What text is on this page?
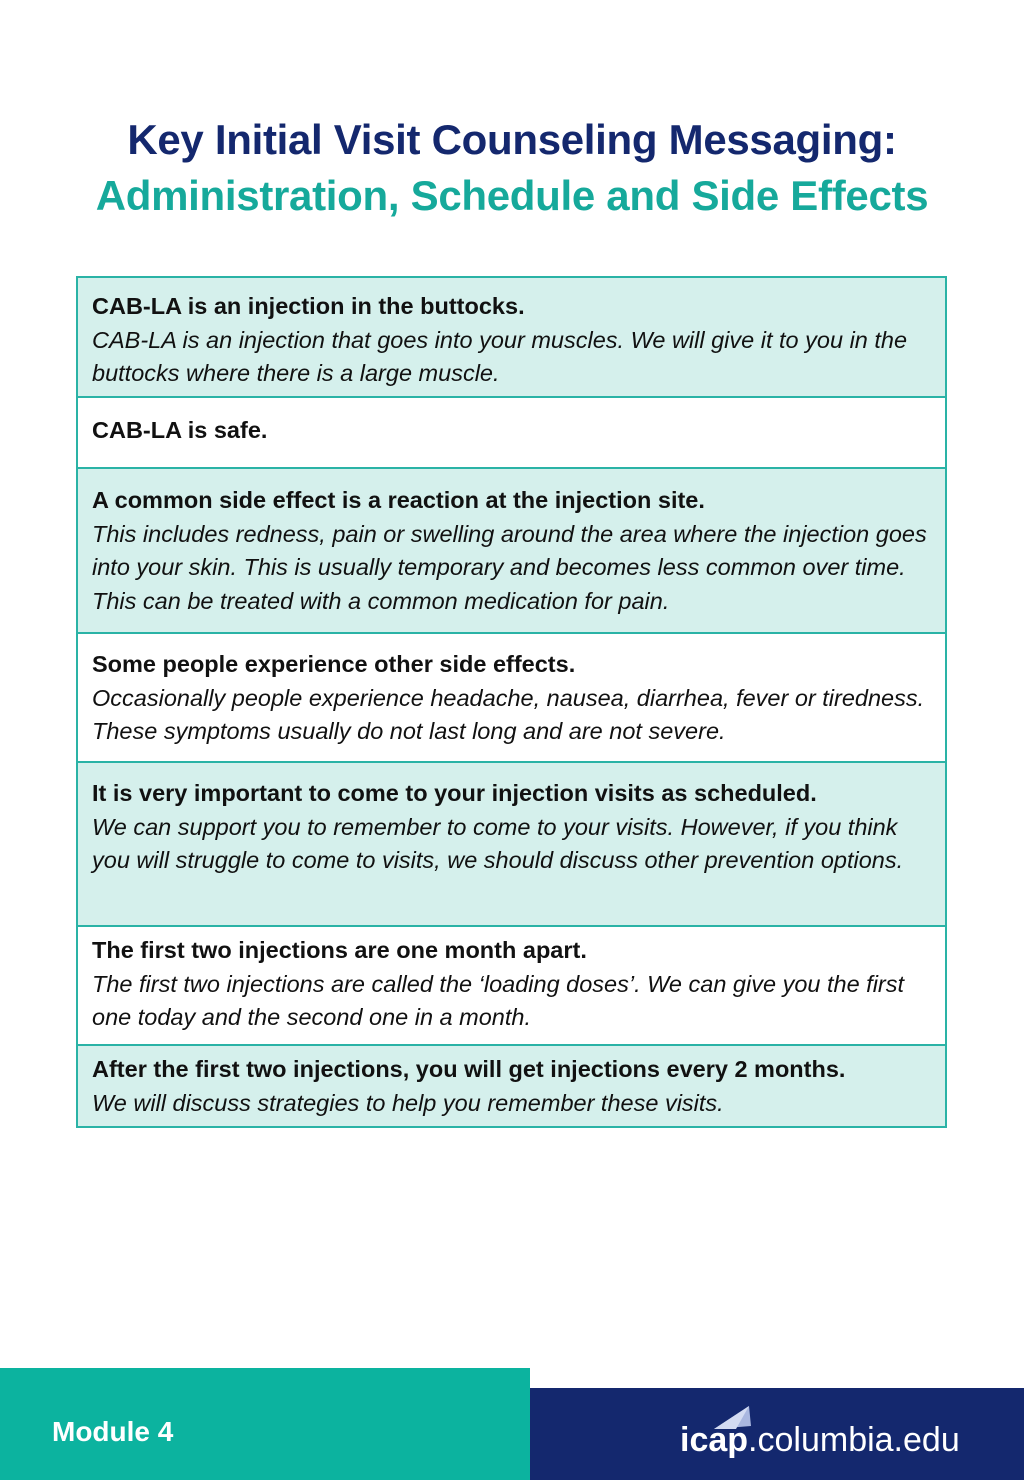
Key Initial Visit Counseling Messaging:
Administration, Schedule and Side Effects
CAB-LA is an injection in the buttocks.
CAB-LA is an injection that goes into your muscles. We will give it to you in the buttocks where there is a large muscle.
CAB-LA is safe.
A common side effect is a reaction at the injection site.
This includes redness, pain or swelling around the area where the injection goes into your skin. This is usually temporary and becomes less common over time. This can be treated with a common medication for pain.
Some people experience other side effects.
Occasionally people experience headache, nausea, diarrhea, fever or tiredness. These symptoms usually do not last long and are not severe.
It is very important to come to your injection visits as scheduled.
We can support you to remember to come to your visits. However, if you think you will struggle to come to visits, we should discuss other prevention options.
The first two injections are one month apart.
The first two injections are called the ‘loading doses’. We can give you the first one today and the second one in a month.
After the first two injections, you will get injections every 2 months.
We will discuss strategies to help you remember these visits.
Module 4	icap.columbia.edu
